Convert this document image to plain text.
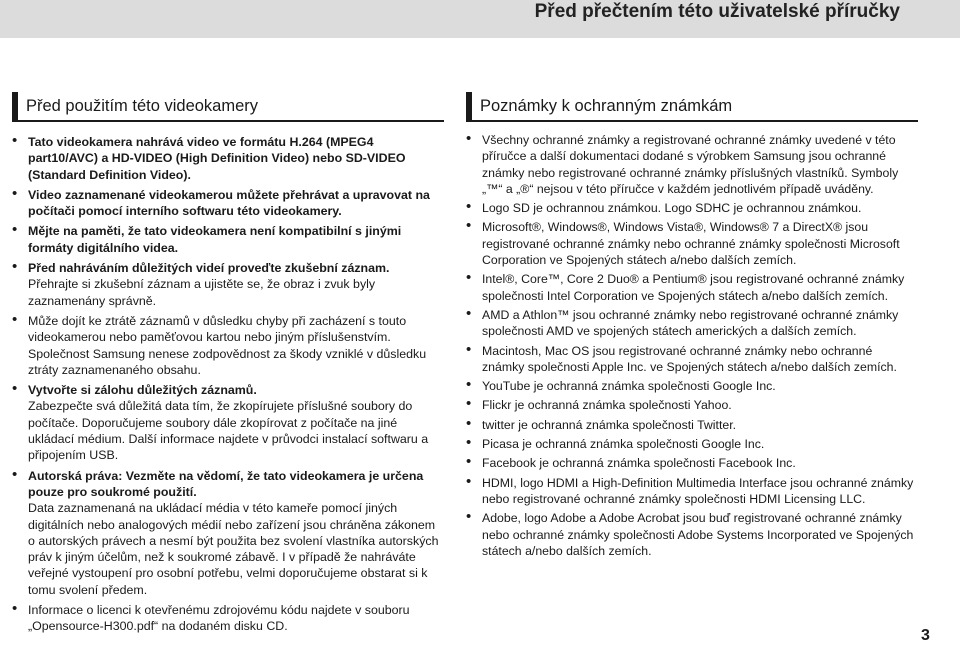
Před přečtením této uživatelské příručky
Před použitím této videokamery
• Tato videokamera nahrává video ve formátu H.264 (MPEG4 part10/AVC) a HD-VIDEO (High Definition Video) nebo SD-VIDEO (Standard Definition Video).
• Video zaznamenané videokamerou můžete přehrávat a upravovat na počítači pomocí interního softwaru této videokamery.
• Mějte na paměti, že tato videokamera není kompatibilní s jinými formáty digitálního videa.
• Před nahráváním důležitých videí proveďte zkušební záznam.
Přehrajte si zkušební záznam a ujistěte se, že obraz i zvuk byly zaznamenány správně.
• Může dojít ke ztrátě záznamů v důsledku chyby při zacházení s touto videokamerou nebo paměťovou kartou nebo jiným příslušenstvím. Společnost Samsung nenese zodpovědnost za škody vzniklé v důsledku ztráty zaznamenaného obsahu.
• Vytvořte si zálohu důležitých záznamů.
Zabezpečte svá důležitá data tím, že zkopírujete příslušné soubory do počítače. Doporučujeme soubory dále zkopírovat z počítače na jiné ukládací médium. Další informace najdete v průvodci instalací softwaru a připojením USB.
• Autorská práva: Vezměte na vědomí, že tato videokamera je určena pouze pro soukromé použití.
Data zaznamenaná na ukládací média v této kameře pomocí jiných digitálních nebo analogových médií nebo zařízení jsou chráněna zákonem o autorských právech a nesmí být použita bez svolení vlastníka autorských práv k jiným účelům, než k soukromé zábavě. I v případě že nahráváte veřejné vystoupení pro osobní potřebu, velmi doporučujeme obstarat si k tomu svolení předem.
• Informace o licenci k otevřenému zdrojovému kódu najdete v souboru „Opensource-H300.pdf“ na dodaném disku CD.
Poznámky k ochranným známkám
• Všechny ochranné známky a registrované ochranné známky uvedené v této příručce a další dokumentaci dodané s výrobkem Samsung jsou ochranné známky nebo registrované ochranné známky příslušných vlastníků. Symboly „™“ a „®“ nejsou v této příručce v každém jednotlivém případě uváděny.
• Logo SD je ochrannou známkou. Logo SDHC je ochrannou známkou.
• Microsoft®, Windows®, Windows Vista®, Windows® 7 a DirectX® jsou registrované ochranné známky nebo ochranné známky společnosti Microsoft Corporation ve Spojených státech a/nebo dalších zemích.
• Intel®, Core™, Core 2 Duo® a Pentium® jsou registrované ochranné známky společnosti Intel Corporation ve Spojených státech a/nebo dalších zemích.
• AMD a Athlon™ jsou ochranné známky nebo registrované ochranné známky společnosti AMD ve spojených státech amerických a dalších zemích.
• Macintosh, Mac OS jsou registrované ochranné známky nebo ochranné známky společnosti Apple Inc. ve Spojených státech a/nebo dalších zemích.
• YouTube je ochranná známka společnosti Google Inc.
• Flickr je ochranná známka společnosti Yahoo.
• twitter je ochranná známka společnosti Twitter.
• Picasa je ochranná známka společnosti Google Inc.
• Facebook je ochranná známka společnosti Facebook Inc.
• HDMI, logo HDMI a High-Definition Multimedia Interface jsou ochranné známky nebo registrované ochranné známky společnosti HDMI Licensing LLC.
• Adobe, logo Adobe a Adobe Acrobat jsou buď registrované ochranné známky nebo ochranné známky společnosti Adobe Systems Incorporated ve Spojených státech a/nebo dalších zemích.
3
